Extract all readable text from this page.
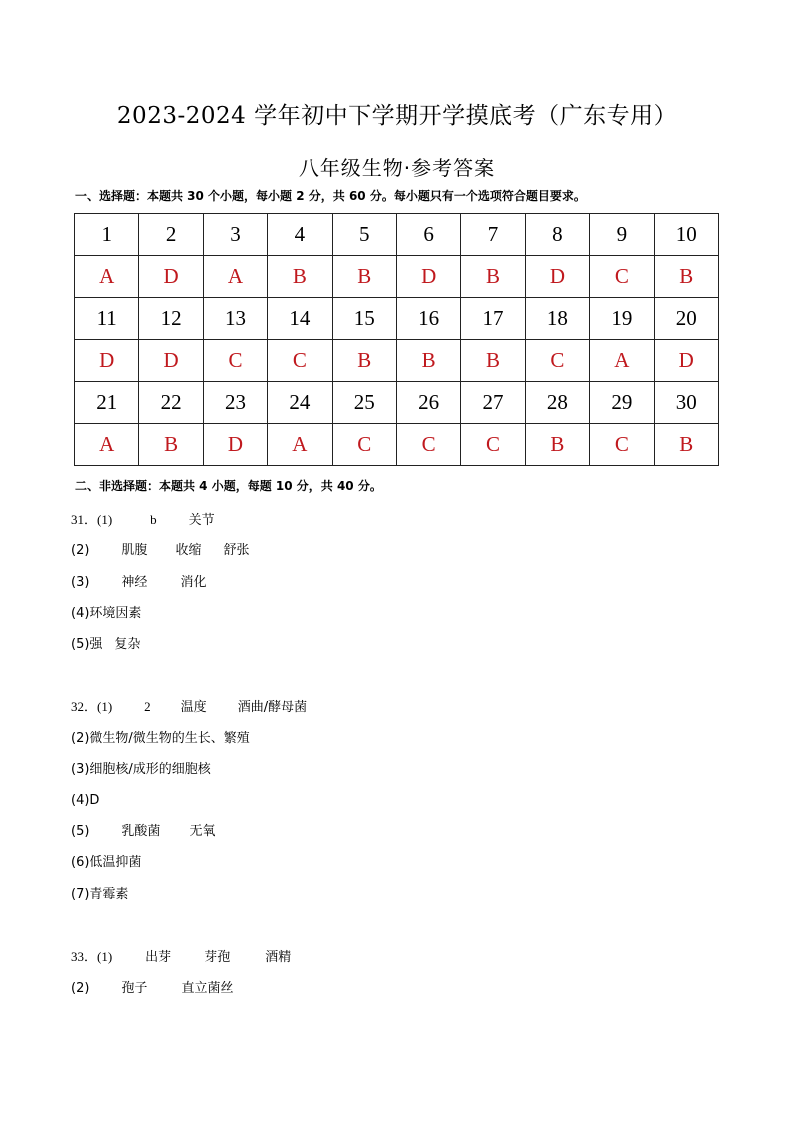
2023-2024 学年初中下学期开学摸底考（广东专用）
八年级生物·参考答案
一、选择题：本题共 30 个小题，每小题 2 分，共 60 分。每小题只有一个选项符合题目要求。
1	2	3	4	5	6	7	8	9	10
A	D	A	B	B	D	B	D	C	B
11	12	13	14	15	16	17	18	19	20
D	D	C	C	B	B	B	C	A	D
21	22	23	24	25	26	27	28	29	30
A	B	D	A	C	C	C	B	C	B
二、非选择题：本题共 4 小题，每题 10 分，共 40 分。
31．(1)	b 关节
(2) 肌腹 收缩 舒张
(3) 神经	消化
(4)环境因素
(5)强 复杂
32．(1) 2 温度 酒曲/酵母菌
(2)微生物/微生物的生长、繁殖
(3)细胞核/成形的细胞核
(4)D
(5) 乳酸菌 无氧
(6)低温抑菌
(7)青霉素
33．(1)	出芽	芽孢	酒精
(2) 孢子	直立菌丝
